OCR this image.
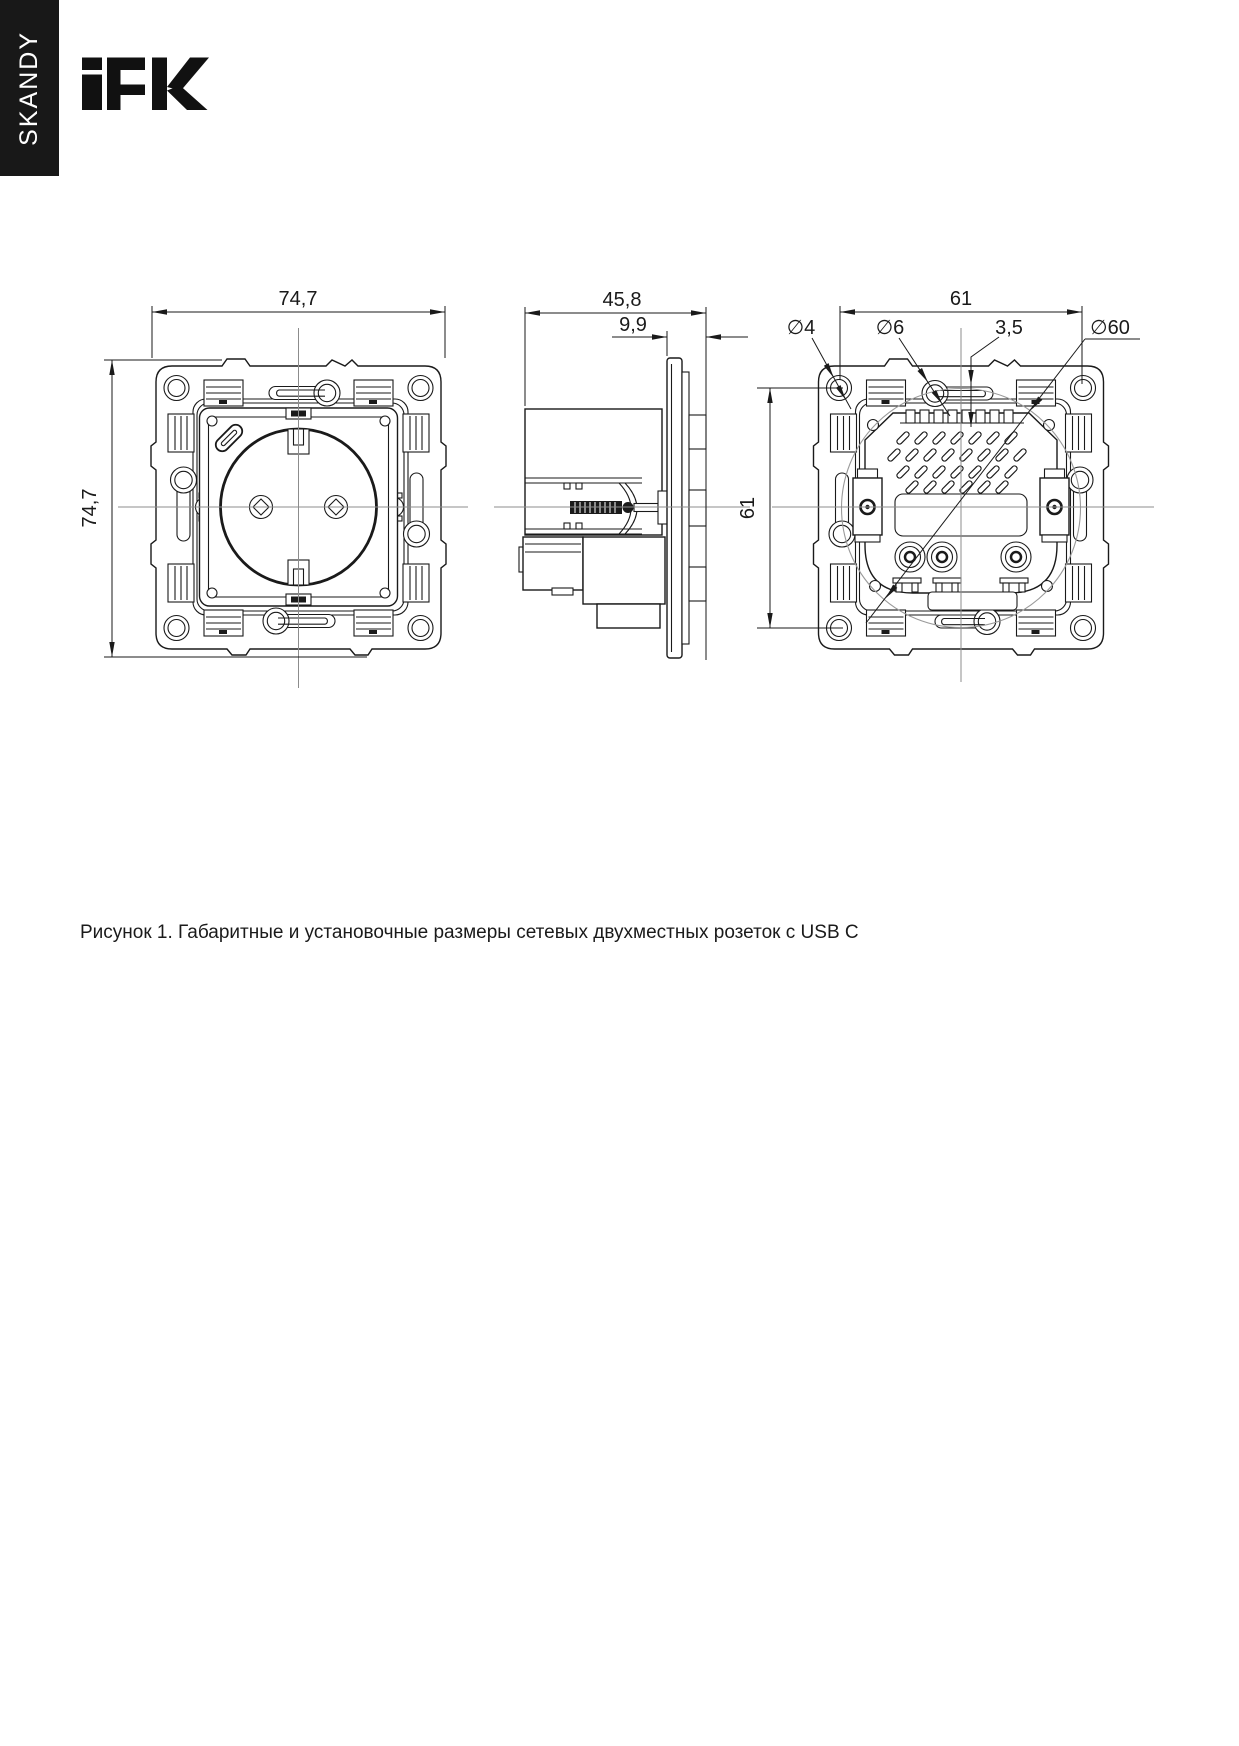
SKANDY
74,7
74,7
45,8
9,9
61
61
∅4	∅6	3,5	∅60
Рисунок 1. Габаритные и установочные размеры сетевых двухместных розеток с USB C
